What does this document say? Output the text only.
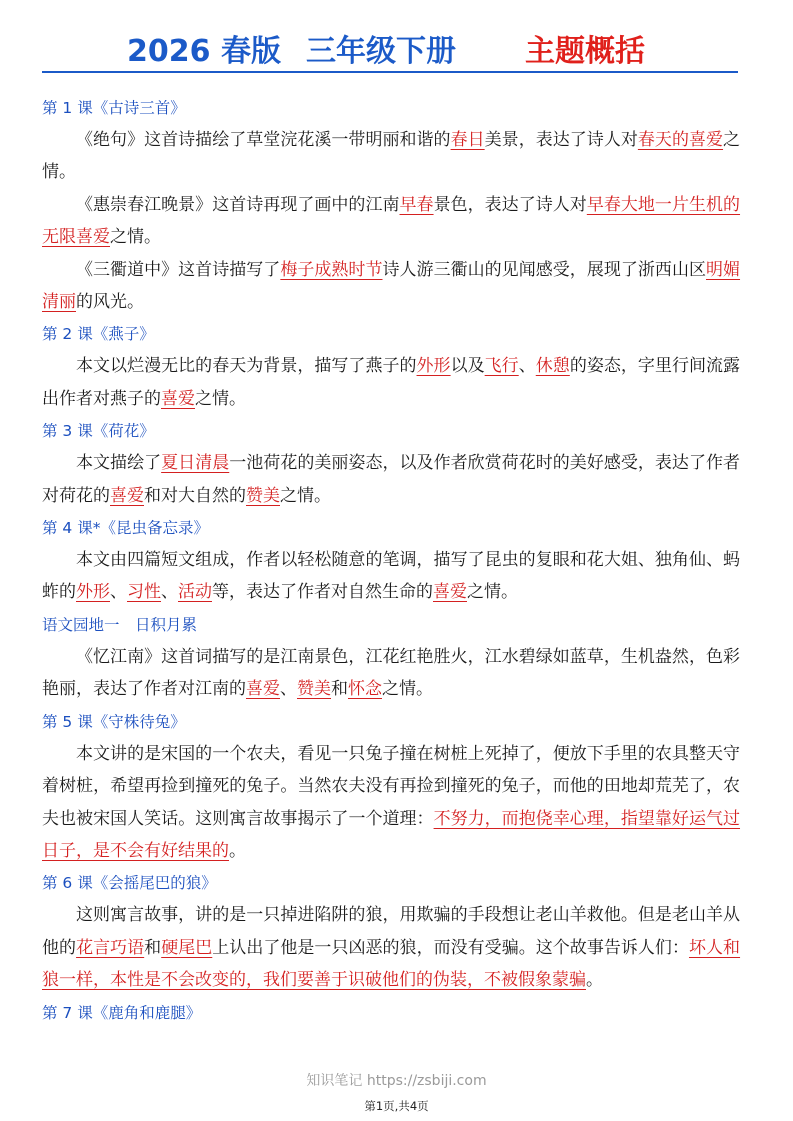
2026 春版 三年级下册 主题概括
第 1 课《古诗三首》
《绝句》这首诗描绘了草堂浣花溪一带明丽和谐的春日美景，表达了诗人对春天的喜爱之情。
《惠崇春江晚景》这首诗再现了画中的江南早春景色，表达了诗人对早春大地一片生机的无限喜爱之情。
《三衢道中》这首诗描写了梅子成熟时节诗人游三衢山的见闻感受，展现了浙西山区明媚清丽的风光。
第 2 课《燕子》
本文以烂漫无比的春天为背景，描写了燕子的外形以及飞行、休憩的姿态，字里行间流露出作者对燕子的喜爱之情。
第 3 课《荷花》
本文描绘了夏日清晨一池荷花的美丽姿态，以及作者欣赏荷花时的美好感受，表达了作者对荷花的喜爱和对大自然的赞美之情。
第 4 课*《昆虫备忘录》
本文由四篇短文组成，作者以轻松随意的笔调，描写了昆虫的复眼和花大姐、独角仙、蚂蚱的外形、习性、活动等，表达了作者对自然生命的喜爱之情。
语文园地一　日积月累
《忆江南》这首词描写的是江南景色，江花红艳胜火，江水碧绿如蓝草，生机盎然，色彩艳丽，表达了作者对江南的喜爱、赞美和怀念之情。
第 5 课《守株待兔》
本文讲的是宋国的一个农夫，看见一只兔子撞在树桩上死掉了，便放下手里的农具整天守着树桩，希望再捡到撞死的兔子。当然农夫没有再捡到撞死的兔子，而他的田地却荒芜了，农夫也被宋国人笑话。这则寓言故事揭示了一个道理：不努力，而抱侥幸心理，指望靠好运气过日子，是不会有好结果的。
第 6 课《会摇尾巴的狼》
这则寓言故事，讲的是一只掉进陷阱的狼，用欺骗的手段想让老山羊救他。但是老山羊从他的花言巧语和硬尾巴上认出了他是一只凶恶的狼，而没有受骗。这个故事告诉人们：坏人和狼一样，本性是不会改变的，我们要善于识破他们的伪装，不被假象蒙骗。
第 7 课《鹿角和鹿腿》
知识笔记 https://zsbiji.com
第1页,共4页
